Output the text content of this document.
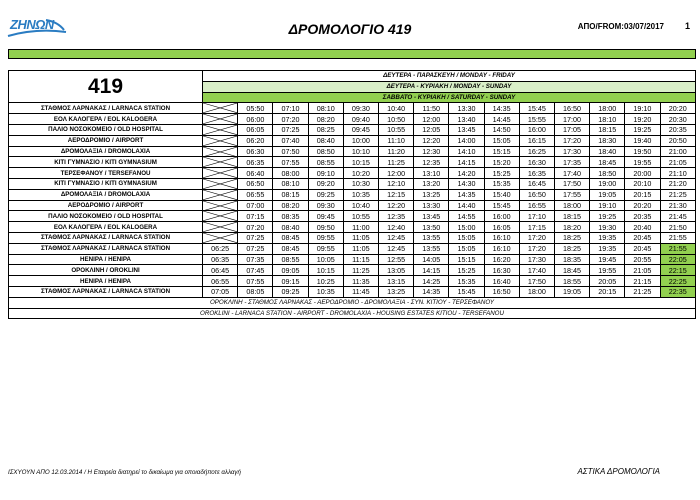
ZHNΩN	ΔΡΟΜΟΛΟΓΙΟ 419	ΑΠΟ/FROM:03/07/2017 1
419	ΔΕΥΤΕΡΑ - ΠΑΡΑΣΚΕΥΗ / MONDAY - FRIDAY													
	ΔΕΥΤΕΡΑ - ΚΥΡΙΑΚΗ / MONDAY - SUNDAY													
	ΣΑΒΒΑΤΟ - ΚΥΡΙΑΚΗ / SATURDAY - SUNDAY													
ΣΤΑΘΜΟΣ ΛΑΡΝΑΚΑΣ / LARNACA STATION		05:50	07:10	08:10	09:30	10:40	11:50	13:30	14:35	15:45	16:50	18:00	19:10	20:20
ΕΟΛ ΚΑΛΟΓΕΡΑ / EOL KALOGERA		06:00	07:20	08:20	09:40	10:50	12:00	13:40	14:45	15:55	17:00	18:10	19:20	20:30
ΠΑΛΙΟ ΝΟΣΟΚΟΜΕΙΟ / OLD HOSPITAL		06:05	07:25	08:25	09:45	10:55	12:05	13:45	14:50	16:00	17:05	18:15	19:25	20:35
ΑΕΡΟΔΡΟΜΙΟ / AIRPORT		06:20	07:40	08:40	10:00	11:10	12:20	14:00	15:05	16:15	17:20	18:30	19:40	20:50
ΔΡΟΜΟΛΑΞΙΑ / DROMOLAXIA		06:30	07:50	08:50	10:10	11:20	12:30	14:10	15:15	16:25	17:30	18:40	19:50	21:00
ΚΙΤΙ ΓΥΜΝΑΣΙΟ / KITI GYMNASIUM		06:35	07:55	08:55	10:15	11:25	12:35	14:15	15:20	16:30	17:35	18:45	19:55	21:05
ΤΕΡΣΕΦΑΝΟΥ / TERSEFANOU		06:40	08:00	09:10	10:20	12:00	13:10	14:20	15:25	16:35	17:40	18:50	20:00	21:10
ΚΙΤΙ ΓΥΜΝΑΣΙΟ / KITI GYMNASIUM		06:50	08:10	09:20	10:30	12:10	13:20	14:30	15:35	16:45	17:50	19:00	20:10	21:20
ΔΡΟΜΟΛΑΞΙΑ / DROMOLAXIA		06:55	08:15	09:25	10:35	12:15	13:25	14:35	15:40	16:50	17:55	19:05	20:15	21:25
ΑΕΡΟΔΡΟΜΙΟ / AIRPORT		07:00	08:20	09:30	10:40	12:20	13:30	14:40	15:45	16:55	18:00	19:10	20:20	21:30
ΠΑΛΙΟ ΝΟΣΟΚΟΜΕΙΟ / OLD HOSPITAL		07:15	08:35	09:45	10:55	12:35	13:45	14:55	16:00	17:10	18:15	19:25	20:35	21:45
ΕΟΛ ΚΑΛΟΓΕΡΑ / EOL KALOGERA		07:20	08:40	09:50	11:00	12:40	13:50	15:00	16:05	17:15	18:20	19:30	20:40	21:50
ΣΤΑΘΜΟΣ ΛΑΡΝΑΚΑΣ / LARNACA STATION		07:25	08:45	09:55	11:05	12:45	13:55	15:05	16:10	17:20	18:25	19:35	20:45	21:55
ΣΤΑΘΜΟΣ ΛΑΡΝΑΚΑΣ / LARNACA STATION	06:25	07:25	08:45	09:55	11:05	12:45	13:55	15:05	16:10	17:20	18:25	19:35	20:45	21:55
ΗΕΝΙΡΑ / HENIPA	06:35	07:35	08:55	10:05	11:15	12:55	14:05	15:15	16:20	17:30	18:35	19:45	20:55	22:05
ΟΡΟΚΛΙΝΗ / OROKLINI	06:45	07:45	09:05	10:15	11:25	13:05	14:15	15:25	16:30	17:40	18:45	19:55	21:05	22:15
ΗΕΝΙΡΑ / HENIPA	06:55	07:55	09:15	10:25	11:35	13:15	14:25	15:35	16:40	17:50	18:55	20:05	21:15	22:25
ΣΤΑΘΜΟΣ ΛΑΡΝΑΚΑΣ / LARNACA STATION	07:05	08:05	09:25	10:35	11:45	13:25	14:35	15:45	16:50	18:00	19:05	20:15	21:25	22:35
ΟΡΟΚΛΙΝΗ - ΣΤΑΘΜΟΣ ΛΑΡΝΑΚΑΣ - ΑΕΡΟΔΡΟΜΙΟ - ΔΡΟΜΟΛΑΞΙΑ - ΣΥΝ. ΚΙΤΙΟΥ - ΤΕΡΣΕΦΑΝΟΥ														
OROKLINI - LARNACA STATION - AIRPORT - DROMOLAXIA - HOUSING ESTATES KITIOU - TERSEFANOU														
ΙΣΧΥΟΥΝ ΑΠΟ 12.03.2014 / Η Εταιρεία διατηρεί το δικαίωμα για οποιαδήποτε αλλαγή	ΑΣΤΙΚΑ ΔΡΟΜΟΛΟΓΙΑ
